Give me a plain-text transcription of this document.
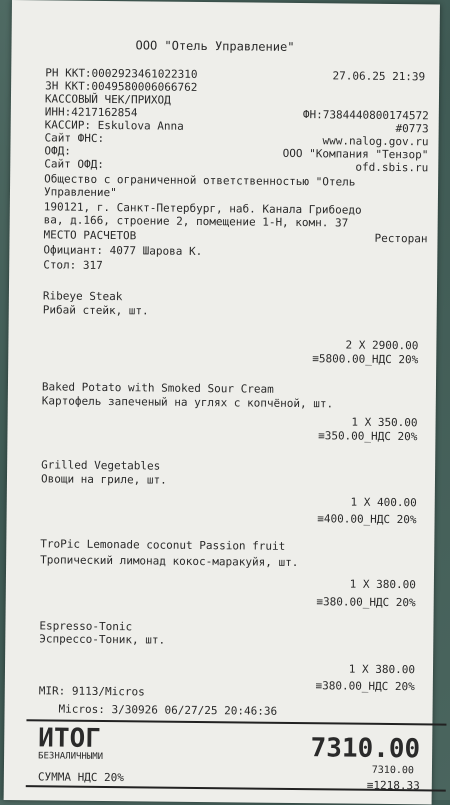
ООО "Отель Управление"
РН ККТ:0002923461022310	27.06.25 21:39
ЗН ККТ:0049580006066762
КАССОВЫЙ ЧЕК/ПРИХОД
ИНН:4217162854	ФН:7384440800174572
КАССИР: Eskulova Anna	#0773
Сайт ФНС:	www.nalog.gov.ru
ОФД:	ООО "Компания "Тензор"
Сайт ОФД:	ofd.sbis.ru
Общество с ограниченной ответственностью "Отель
Управление"
190121, г. Санкт-Петербург, наб. Канала Грибоедо
ва, д.166, строение 2, помещение 1-Н, комн. 37
МЕСТО РАСЧЕТОВ	Ресторан
Официант: 4077 Шарова К.
Стол: 317
Ribeye Steak
Рибай стейк, шт.
2 X 2900.00
≡5800.00_НДС 20%
Baked Potato with Smoked Sour Cream
Картофель запеченый на углях с копчёной, шт.
1 X 350.00
≡350.00_НДС 20%
Grilled Vegetables
Овощи на гриле, шт.
1 X 400.00
≡400.00_НДС 20%
TroPic Lemonade coconut Passion fruit
Тропический лимонад кокос-маракуйя, шт.
1 X 380.00
≡380.00_НДС 20%
Espresso-Tonic
Эспрессо-Тоник, шт.
1 X 380.00
≡380.00_НДС 20%
MIR: 9113/Micros
Micros: 3/30926 06/27/25 20:46:36
ИТОГ	7310.00
БЕЗНАЛИЧНЫМИ
7310.00
СУММА НДС 20%
≡1218.33
